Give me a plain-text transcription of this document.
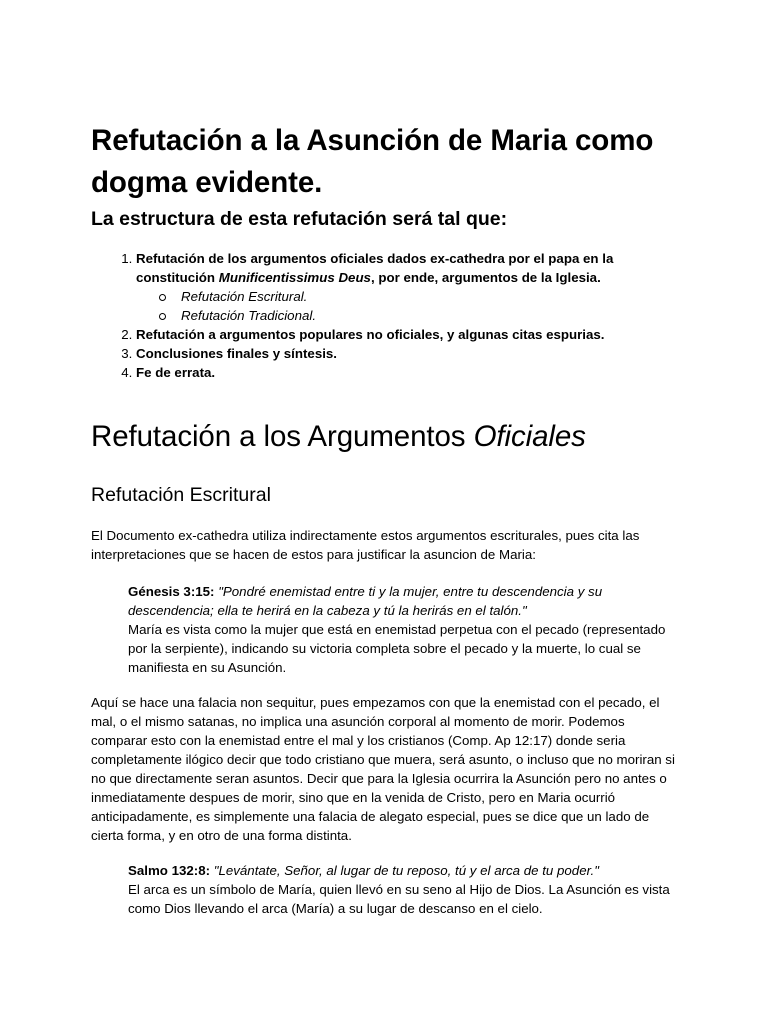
Refutación a la Asunción de Maria como dogma evidente.
La estructura de esta refutación será tal que:
1. Refutación de los argumentos oficiales dados ex-cathedra por el papa en la constitución Munificentissimus Deus, por ende, argumentos de la Iglesia.
Refutación Escritural.
Refutación Tradicional.
2. Refutación a argumentos populares no oficiales, y algunas citas espurias.
3. Conclusiones finales y síntesis.
4. Fe de errata.
Refutación a los Argumentos Oficiales
Refutación Escritural

El Documento ex-cathedra utiliza indirectamente estos argumentos escriturales, pues cita las interpretaciones que se hacen de estos para justificar la asuncion de Maria:

Génesis 3:15: "Pondré enemistad entre ti y la mujer, entre tu descendencia y su descendencia; ella te herirá en la cabeza y tú la herirás en el talón."
María es vista como la mujer que está en enemistad perpetua con el pecado (representado por la serpiente), indicando su victoria completa sobre el pecado y la muerte, lo cual se manifiesta en su Asunción.

Aquí se hace una falacia non sequitur, pues empezamos con que la enemistad con el pecado, el mal, o el mismo satanas, no implica una asunción corporal al momento de morir. Podemos comparar esto con la enemistad entre el mal y los cristianos (Comp. Ap 12:17) donde seria completamente ilógico decir que todo cristiano que muera, será asunto, o incluso que no moriran si no que directamente seran asuntos. Decir que para la Iglesia ocurrira la Asunción pero no antes o inmediatamente despues de morir, sino que en la venida de Cristo, pero en Maria ocurrió anticipadamente, es simplemente una falacia de alegato especial, pues se dice que un lado de cierta forma, y en otro de una forma distinta.

Salmo 132:8: "Levántate, Señor, al lugar de tu reposo, tú y el arca de tu poder."
El arca es un símbolo de María, quien llevó en su seno al Hijo de Dios. La Asunción es vista como Dios llevando el arca (María) a su lugar de descanso en el cielo.
